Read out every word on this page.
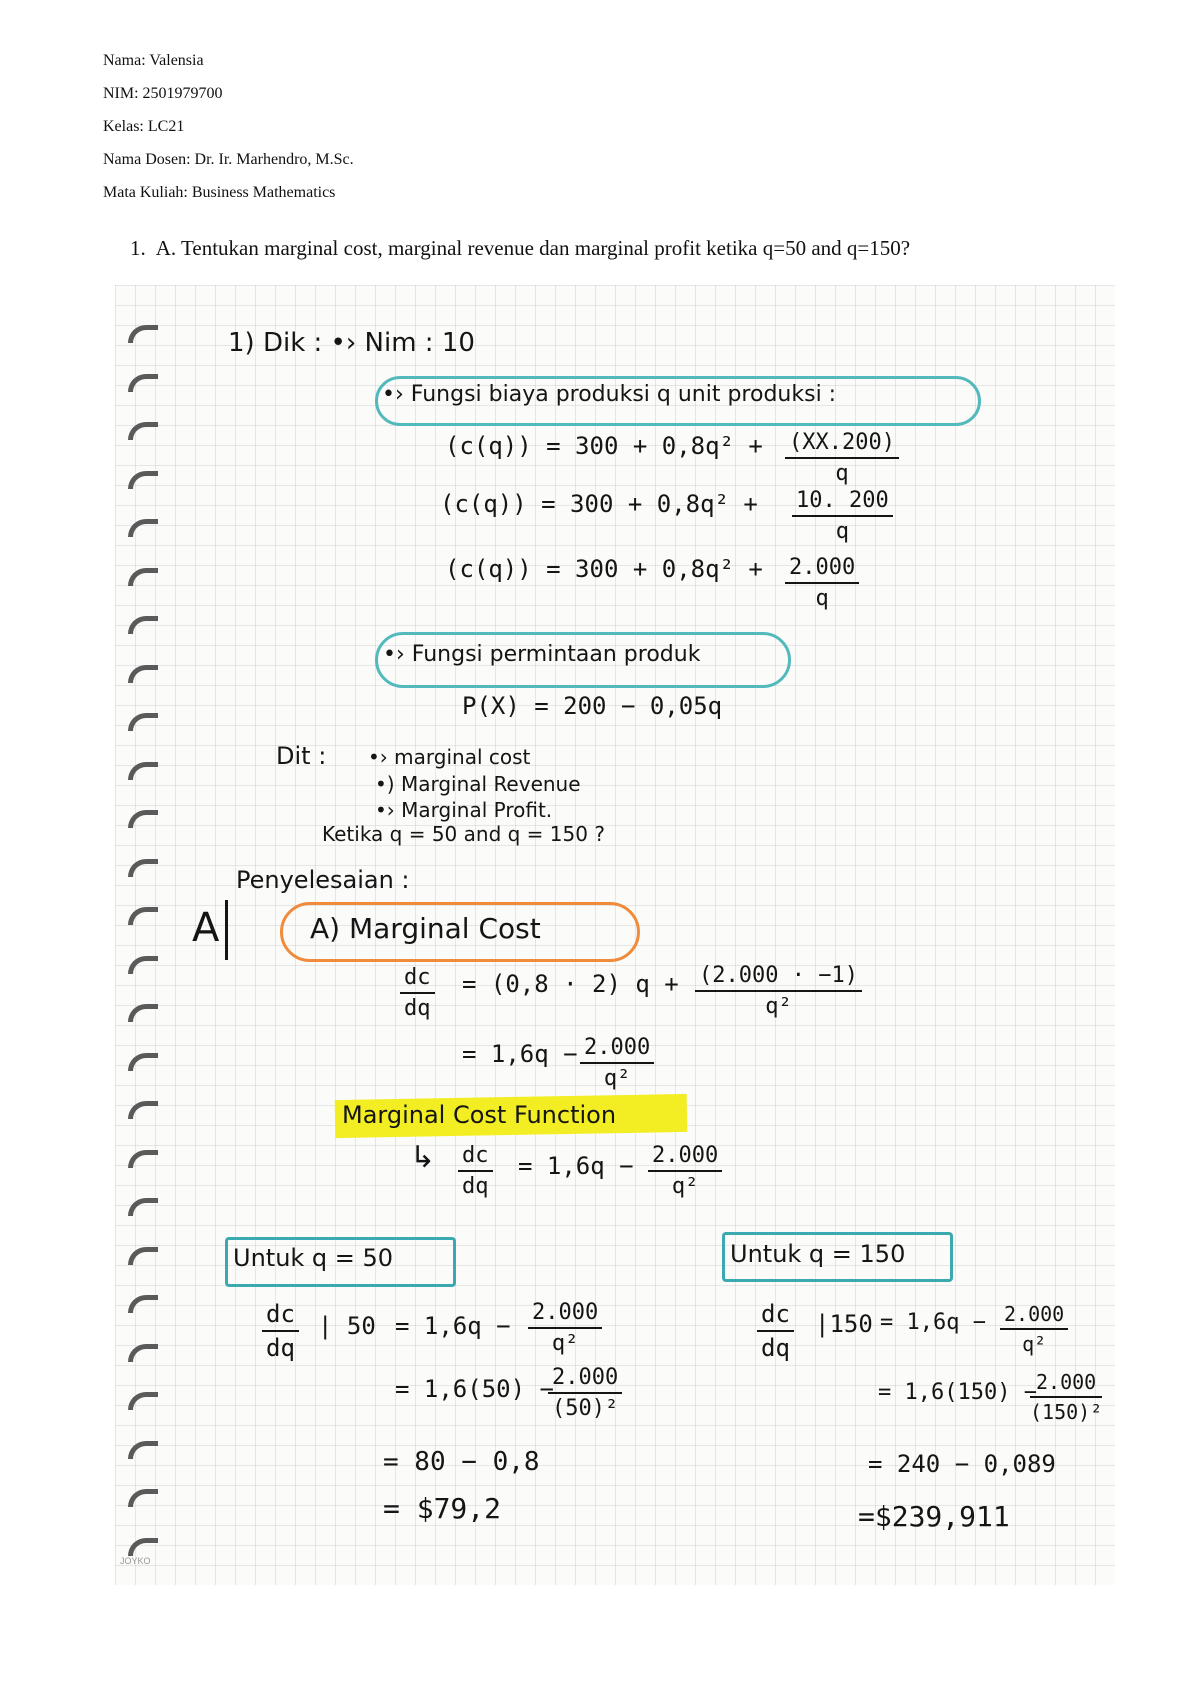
Nama: Valensia
NIM: 2501979700
Kelas: LC21
Nama Dosen: Dr. Ir. Marhendro, M.Sc.
Mata Kuliah: Business Mathematics
1. A. Tentukan marginal cost, marginal revenue dan marginal profit ketika q=50 and q=150?
JOYKO
1) Dik : •› Nim : 10
•› Fungsi biaya produksi q unit produksi :
$(c(q)) = 300 + 0,8q^2 + \frac{(XX.200)}{q}$
$(c(q)) = 300 + 0,8q^2 + \frac{10. 200}{q}$
$(c(q)) = 300 + 0,8q^2 + \frac{2.000}{q}$
•› Fungsi permintaan produk
P(X) = 200 − 0,05q
Dit : •› marginal cost
•) Marginal Revenue
•› Marginal Profit.
Ketika q = 50 and q = 150 ?
Penyelesaian :
A	A) Marginal Cost
$\frac{dc}{dq} = (0,8 \cdot 2) q + \frac{(2.000 \cdot -1)}{\text{q²}}$
= $1,6q - \frac{2.000}{\text{q²}}$
Marginal Cost Function
↳ $\frac{dc}{dq} = 1,6q - \frac{2.000}{\text{q²}}$
Untuk q = 50
$\frac{dc}{dq}$ | $50 = 1,6q - \frac{2.000}{\text{q²}}$
= 1,6(50) −
$\frac{2.000}{\text{(50)²}}$
= 80 − 0,8
= $79,2
Untuk q = 150
$\frac{dc}{dq} |150 = 1,6q - \frac{2.000}{\text{q²}}$
= 1,6(150) −
$\frac{2.000}{\text{(150)²}}$
= 240 − 0,089
=$239,911
